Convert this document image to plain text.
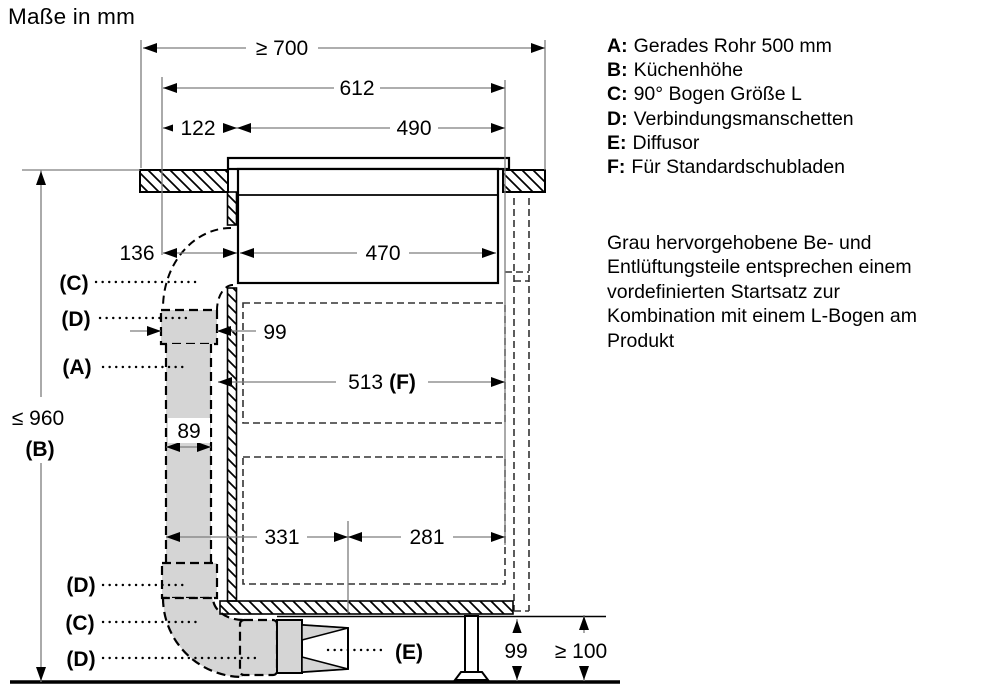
≥ 700
612
122	490
136	470
99
513 (F)
89
331	281
≤ 960
(B)
99 ≥ 100
(C)
(D)
(A)
(D)
(C)
(D)	(E)
Maße in mm
A: Gerades Rohr 500 mm
B: Küchenhöhe
C: 90° Bogen Größe L
D: Verbindungsmanschetten
E: Diffusor
F: Für Standardschubladen
Grau hervorgehobene Be- und
Entlüftungsteile entsprechen einem
vordefinierten Startsatz zur
Kombination mit einem L-Bogen am
Produkt
